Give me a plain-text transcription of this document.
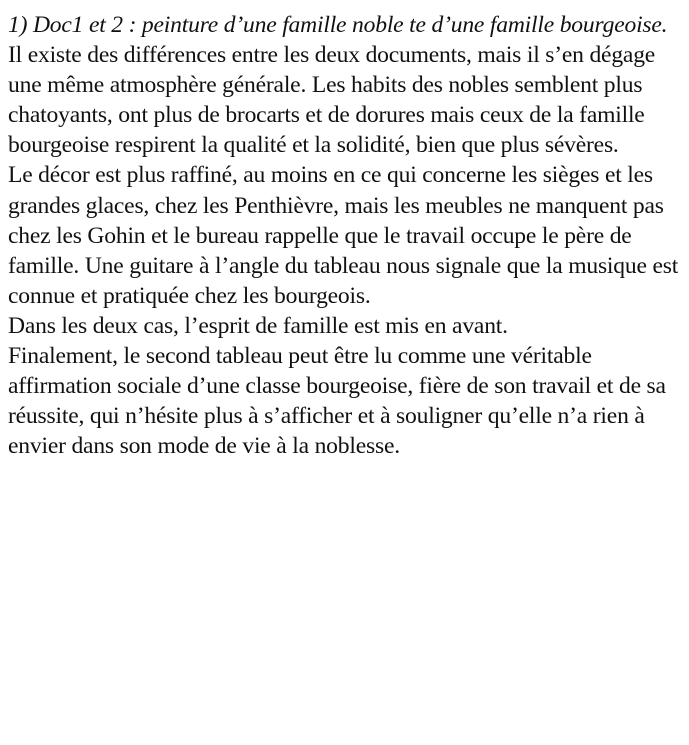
1) Doc1 et 2 : peinture d’une famille noble te d’une famille bourgeoise.

Il existe des différences entre les deux documents, mais il s’en dégage une même atmosphère générale. Les habits des nobles semblent plus chatoyants, ont plus de brocarts et de dorures mais ceux de la famille bourgeoise respirent la qualité et la solidité, bien que plus sévères.

Le décor est plus raffiné, au moins en ce qui concerne les sièges et les grandes glaces, chez les Penthièvre, mais les meubles ne manquent pas chez les Gohin et le bureau rappelle que le travail occupe le père de famille. Une guitare à l’angle du tableau nous signale que la musique est connue et pratiquée chez les bourgeois.

Dans les deux cas, l’esprit de famille est mis en avant.

Finalement, le second tableau peut être lu comme une véritable affirmation sociale d’une classe bourgeoise, fière de son travail et de sa réussite, qui n’hésite plus à s’afficher et à souligner qu’elle n’a rien à envier dans son mode de vie à la noblesse.
